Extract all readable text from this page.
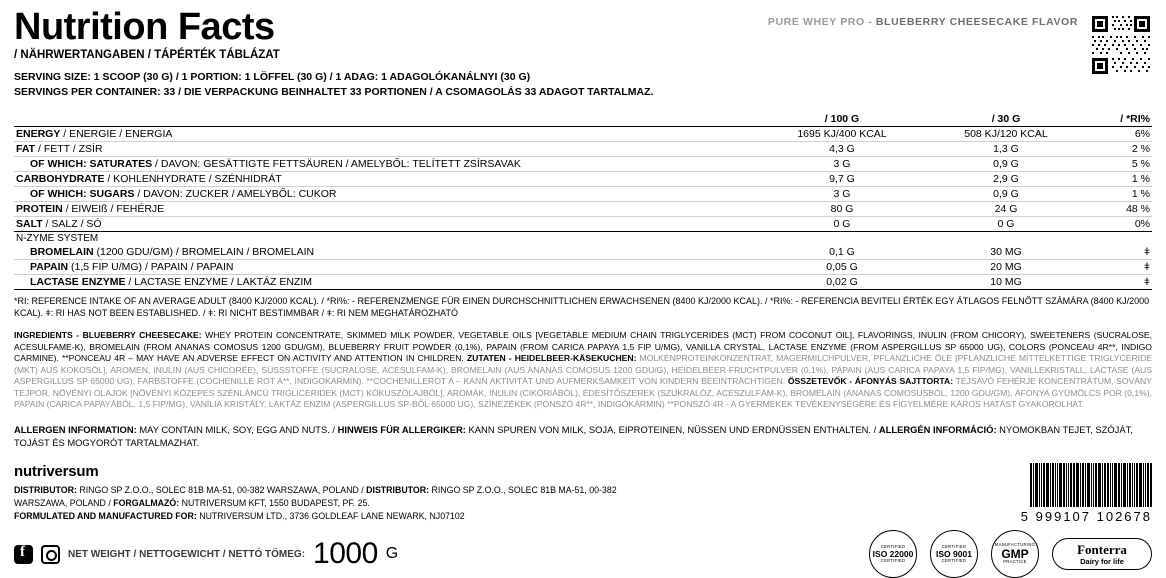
Nutrition Facts
/ NÄHRWERTANGABEN / TÁPÉRTÉK TÁBLÁZAT
SERVING SIZE: 1 SCOOP (30 G) / 1 PORTION: 1 LÖFFEL (30 G) / 1 ADAG: 1 ADAGOLÓKANÁLNYI (30 G)
SERVINGS PER CONTAINER: 33 / DIE VERPACKUNG BEINHALTET 33 PORTIONEN / A CSOMAGOLÁS 33 ADAGOT TARTALMAZ.
PURE WHEY PRO - BLUEBERRY CHEESECAKE FLAVOR
	/ 100 G	/ 30 G	/ *RI%
ENERGY / ENERGIE / ENERGIA	1695 KJ/400 KCAL	508 KJ/120 KCAL	6%
FAT / FETT / ZSÍR	4,3 G	1,3 G	2 %
OF WHICH: SATURATES / DAVON: GESÄTTIGTE FETTSÄUREN / AMELYBŐL: TELÍTETT ZSÍRSAVAK	3 G	0,9 G	5 %
CARBOHYDRATE / KOHLENHYDRATE / SZÉNHIDRÁT	9,7 G	2,9 G	1 %
OF WHICH: SUGARS / DAVON: ZUCKER / AMELYBŐL: CUKOR	3 G	0,9 G	1 %
PROTEIN / EIWEIß / FEHÉRJE	80 G	24 G	48 %
SALT / SALZ / SÓ	0 G	0 G	0%
N-ZYME SYSTEM			
BROMELAIN (1200 GDU/GM) / BROMELAIN / BROMELAIN	0,1 G	30 MG	ǂ
PAPAIN (1,5 FIP U/MG) / PAPAIN / PAPAIN	0,05 G	20 MG	ǂ
LACTASE ENZYME / LACTASE ENZYME / LAKTÁZ ENZIM	0,02 G	10 MG	ǂ
*RI: REFERENCE INTAKE OF AN AVERAGE ADULT (8400 KJ/2000 KCAL). / *RI%: - REFERENZMENGE FÜR EINEN DURCHSCHNITTLICHEN ERWACHSENEN (8400 KJ/2000 KCAL). / *RI%: - REFERENCIA BEVITELI ÉRTÉK EGY ÁTLAGOS FELNŐTT SZÁMÁRA (8400 KJ/2000 KCAL). ǂ: RI HAS NOT BEEN ESTABLISHED. / ǂ: RI NICHT BESTIMMBAR / ǂ: RI NEM MEGHATÁROZHATÓ
INGREDIENTS - BLUEBERRY CHEESECAKE: WHEY PROTEIN CONCENTRATE, SKIMMED MILK POWDER, VEGETABLE OILS [VEGETABLE MEDIUM CHAIN TRIGLYCERIDES (MCT) FROM COCONUT OIL], FLAVORINGS, INULIN (FROM CHICORY), SWEETENERS (SUCRALOSE, ACESULFAME-K), BROMELAIN (FROM ANANAS COMOSUS 1200 GDU/GM), BLUEBERRY FRUIT POWDER (0,1%), PAPAIN (FROM CARICA PAPAYA 1,5 FIP U/MG), VANILLA CRYSTAL, LACTASE ENZYME (FROM ASPERGILLUS SP 65000 UG), COLORS (PONCEAU 4R**, INDIGO CARMINE). **PONCEAU 4R – MAY HAVE AN ADVERSE EFFECT ON ACTIVITY AND ATTENTION IN CHILDREN. ZUTATEN - HEIDELBEER-KÄSEKUCHEN: MOLKENPROTEINKONZENTRAT, MAGERMILCHPULVER, PFLANZLICHE ÖLE [PFLANZLICHE MITTELKETTIGE TRIGLYCERIDE (MKT) AUS KOKOSÖL], AROMEN, INULIN (AUS CHICORÉE), SÜSSSTOFFE (SUCRALOSE, ACESULFAM-K), BROMELAIN (AUS ANANAS COMOSUS 1200 GDU/G), HEIDELBEER-FRUCHTPULVER (0,1%), PAPAIN (AUS CARICA PAPAYA 1,5 FIP/MG), VANILLEKRISTALL, LACTASE (AUS ASPERGILLUS SP 65000 UG), FARBSTOFFE (COCHENILLE ROT A**, INDIGOKARMIN). **COCHENILLEROT A – KANN AKTIVITÄT UND AUFMERKSAMKEIT VON KINDERN BEEINTRÄCHTIGEN. ÖSSZETEVŐK - ÁFONYÁS SAJTTORTA: TEJSAVÓ FEHÉRJE KONCENTRÁTUM, SOVÁNY TEJPOR, NÖVÉNYI OLAJOK [NÖVÉNYI KÖZEPES SZÉNLÁNCÚ TRIGLICERIDEK (MCT) KÓKUSZOLAJBÓL], AROMÁK, INULIN (CIKÓRIÁBÓL), ÉDESÍTŐSZEREK (SZUKRALÓZ, ACESZULFÁM-K), BROMELAIN (ANANAS COMOSUSBÓL, 1200 GDU/GM), ÁFONYA GYÜMÖLCS POR (0,1%), PAPAIN (CARICA PAPAYÁBÓL, 1,5 FIP/MG), VANÍLIA KRISTÁLY, LAKTÁZ ENZIM (ASPERGILLUS SP-BŐL 65000 UG), SZÍNEZÉKEK (PONSZÓ 4R**, INDIGÓKÁRMIN) **PONSZÓ 4R - A GYERMEKEK TEVÉKENYSÉGÉRE ÉS FIGYELMÉRE KÁROS HATÁST GYAKOROLHAT.
ALLERGEN INFORMATION: MAY CONTAIN MILK, SOY, EGG AND NUTS. / HINWEIS FÜR ALLERGIKER: KANN SPUREN VON MILK, SOJA, EIPROTEINEN, NÜSSEN UND ERDNÜSSEN ENTHALTEN. / ALLERGÉN INFORMÁCIÓ: NYOMOKBAN TEJET, SZÓJÁT, TOJÁST ÉS MOGYORÓT TARTALMAZHAT.
nutriversum
DISTRIBUTOR: RINGO SP Z.O.O., SOLEC 81B MA-51, 00-382 WARSZAWA, POLAND / DISTRIBUTOR: RINGO SP Z.O.O., SOLEC 81B MA-51, 00-382 WARSZAWA, POLAND / FORGALMAZÓ: NUTRIVERSUM KFT, 1550 BUDAPEST, PF. 25.
FORMULATED AND MANUFACTURED FOR: NUTRIVERSUM LTD., 3736 GOLDLEAF LANE NEWARK, NJ07102	5 999107 102678
f
NET WEIGHT / NETTOGEWICHT / NETTÓ TÖMEG: 1000 G	CERTIFIED
ISO 22000
CERTIFIED
CERTIFIED
ISO 9001
CERTIFIED
MANUFACTURING
GMP
PRACTICE
Fonterra
Dairy for life
